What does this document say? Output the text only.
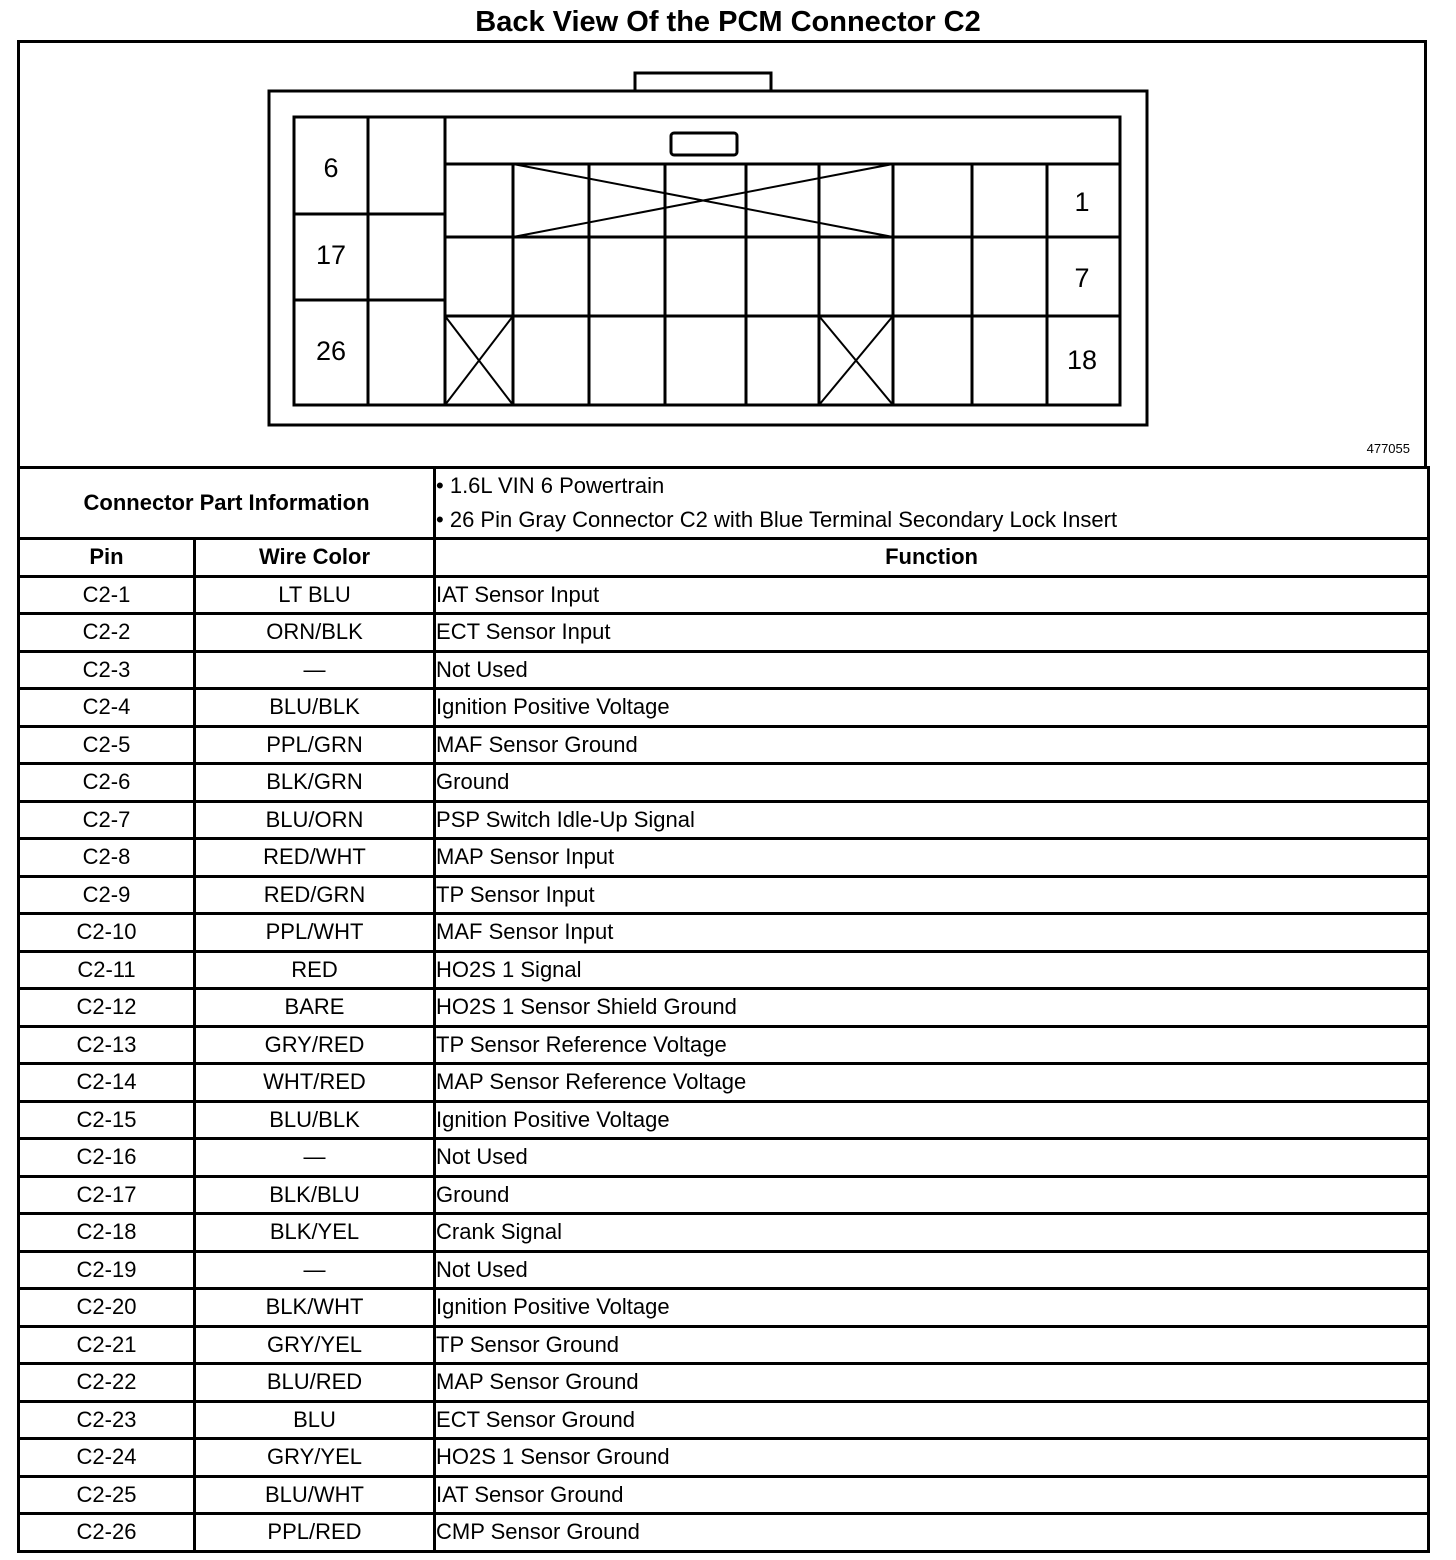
Back View Of the PCM Connector C2
6
17
26
1
7
18
477055
Connector Part Information		• 1.6L VIN 6 Powertrain
• 26 Pin Gray Connector C2 with Blue Terminal Secondary Lock Insert

Pin	Wire Color	Function
C2-1	LT BLU	IAT Sensor Input
C2-2	ORN/BLK	ECT Sensor Input
C2-3	—	Not Used
C2-4	BLU/BLK	Ignition Positive Voltage
C2-5	PPL/GRN	MAF Sensor Ground
C2-6	BLK/GRN	Ground
C2-7	BLU/ORN	PSP Switch Idle-Up Signal
C2-8	RED/WHT	MAP Sensor Input
C2-9	RED/GRN	TP Sensor Input
C2-10	PPL/WHT	MAF Sensor Input
C2-11	RED	HO2S 1 Signal
C2-12	BARE	HO2S 1 Sensor Shield Ground
C2-13	GRY/RED	TP Sensor Reference Voltage
C2-14	WHT/RED	MAP Sensor Reference Voltage
C2-15	BLU/BLK	Ignition Positive Voltage
C2-16	—	Not Used
C2-17	BLK/BLU	Ground
C2-18	BLK/YEL	Crank Signal
C2-19	—	Not Used
C2-20	BLK/WHT	Ignition Positive Voltage
C2-21	GRY/YEL	TP Sensor Ground
C2-22	BLU/RED	MAP Sensor Ground
C2-23	BLU	ECT Sensor Ground
C2-24	GRY/YEL	HO2S 1 Sensor Ground
C2-25	BLU/WHT	IAT Sensor Ground
C2-26	PPL/RED	CMP Sensor Ground
